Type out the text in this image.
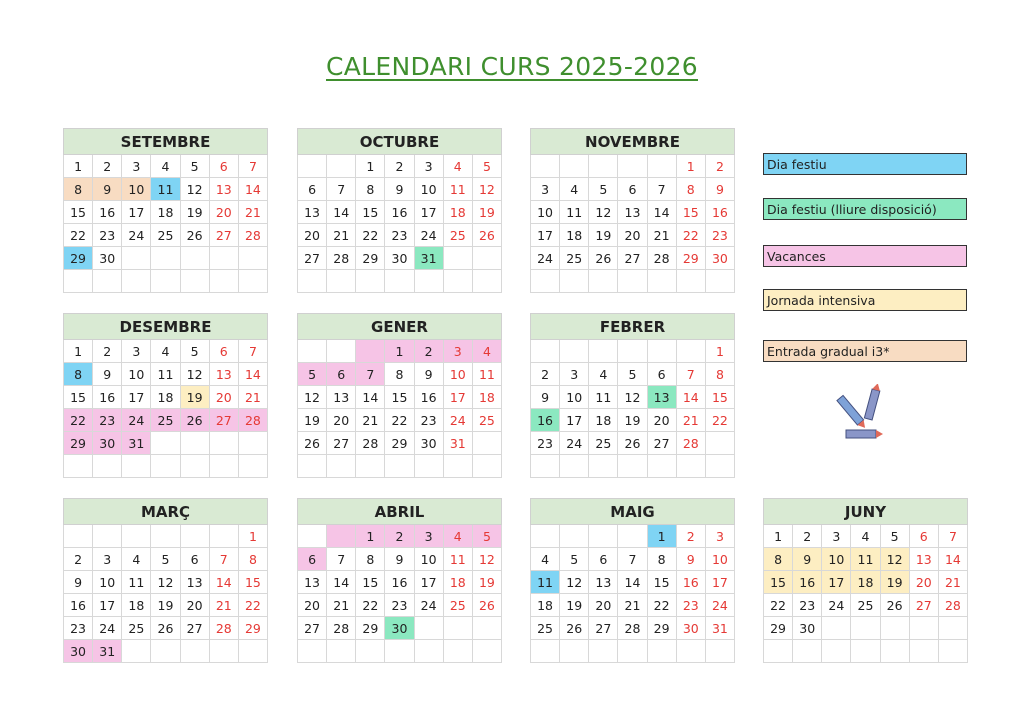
CALENDARI CURS 2025-2026
SETEMBRE						
1	2	3	4	5	6	7
8	9	10	11	12	13	14
15	16	17	18	19	20	21
22	23	24	25	26	27	28
29	30					

OCTUBRE						
		1	2	3	4	5
6	7	8	9	10	11	12
13	14	15	16	17	18	19
20	21	22	23	24	25	26
27	28	29	30	31		

NOVEMBRE						
					1	2
3	4	5	6	7	8	9
10	11	12	13	14	15	16
17	18	19	20	21	22	23
24	25	26	27	28	29	30

DESEMBRE						
1	2	3	4	5	6	7
8	9	10	11	12	13	14
15	16	17	18	19	20	21
22	23	24	25	26	27	28
29	30	31				

GENER						
			1	2	3	4
5	6	7	8	9	10	11
12	13	14	15	16	17	18
19	20	21	22	23	24	25
26	27	28	29	30	31	

FEBRER						
						1
2	3	4	5	6	7	8
9	10	11	12	13	14	15
16	17	18	19	20	21	22
23	24	25	26	27	28	

MARÇ						
						1
2	3	4	5	6	7	8
9	10	11	12	13	14	15
16	17	18	19	20	21	22
23	24	25	26	27	28	29
30	31					
ABRIL						
		1	2	3	4	5
6	7	8	9	10	11	12
13	14	15	16	17	18	19
20	21	22	23	24	25	26
27	28	29	30			

MAIG						
				1	2	3
4	5	6	7	8	9	10
11	12	13	14	15	16	17
18	19	20	21	22	23	24
25	26	27	28	29	30	31

JUNY						
1	2	3	4	5	6	7
8	9	10	11	12	13	14
15	16	17	18	19	20	21
22	23	24	25	26	27	28
29	30					

Dia festiu
Dia festiu (lliure disposició)
Vacances
Jornada intensiva
Entrada gradual i3*
